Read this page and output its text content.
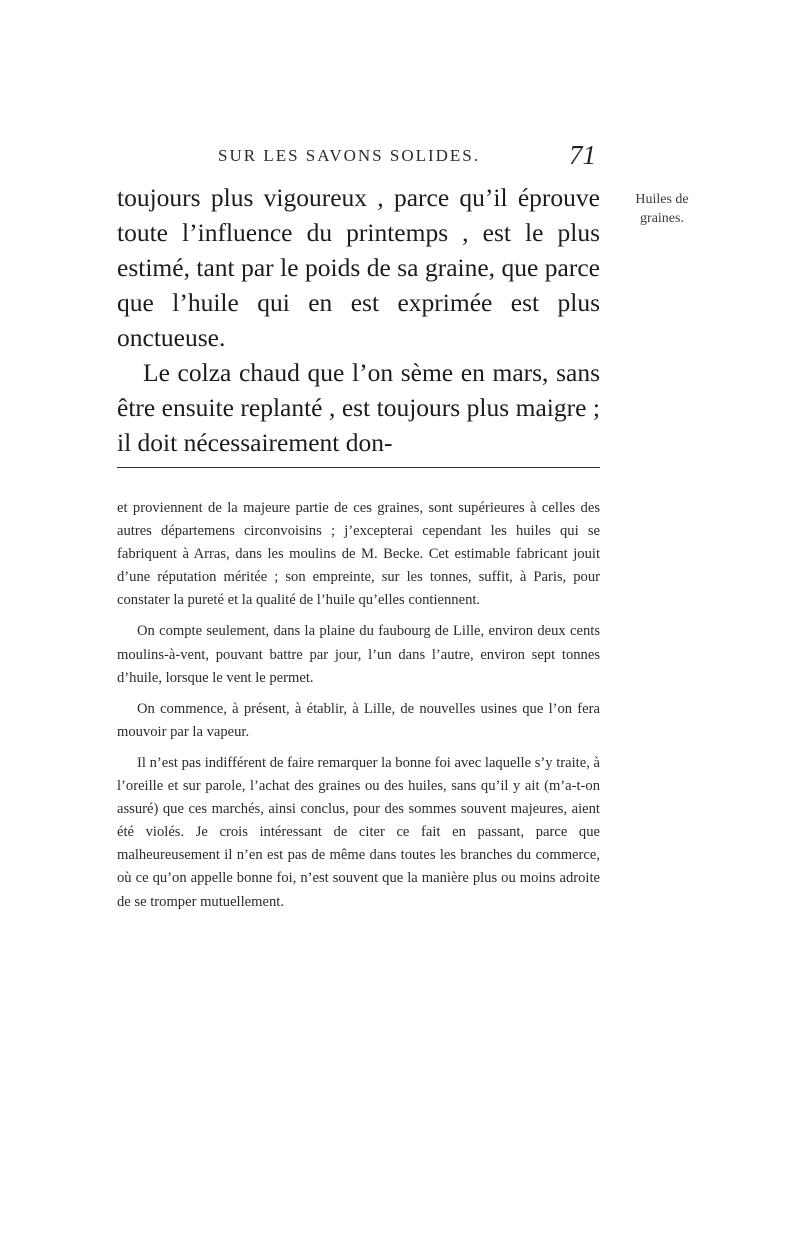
SUR LES SAVONS SOLIDES.	71
Huiles de graines.

toujours plus vigoureux , parce qu’il éprouve toute l’influence du printemps , est le plus estimé, tant par le poids de sa graine, que parce que l’huile qui en est exprimée est plus onctueuse.

Le colza chaud que l’on sème en mars, sans être ensuite replanté , est toujours plus maigre ; il doit nécessairement don-

et proviennent de la majeure partie de ces graines, sont supérieures à celles des autres départemens circonvoisins ; j’excepterai cependant les huiles qui se fabriquent à Arras, dans les moulins de M. Becke. Cet estimable fabricant jouit d’une réputation méritée ; son empreinte, sur les tonnes, suffit, à Paris, pour constater la pureté et la qualité de l’huile qu’elles contiennent.

On compte seulement, dans la plaine du faubourg de Lille, environ deux cents moulins-à-vent, pouvant battre par jour, l’un dans l’autre, environ sept tonnes d’huile, lorsque le vent le permet.

On commence, à présent, à établir, à Lille, de nouvelles usines que l’on fera mouvoir par la vapeur.

Il n’est pas indifférent de faire remarquer la bonne foi avec laquelle s’y traite, à l’oreille et sur parole, l’achat des graines ou des huiles, sans qu’il y ait (m’a-t-on assuré) que ces marchés, ainsi conclus, pour des sommes souvent majeures, aient été violés. Je crois intéressant de citer ce fait en passant, parce que malheureusement il n’en est pas de même dans toutes les branches du commerce, où ce qu’on appelle bonne foi, n’est souvent que la manière plus ou moins adroite de se tromper mutuellement.
